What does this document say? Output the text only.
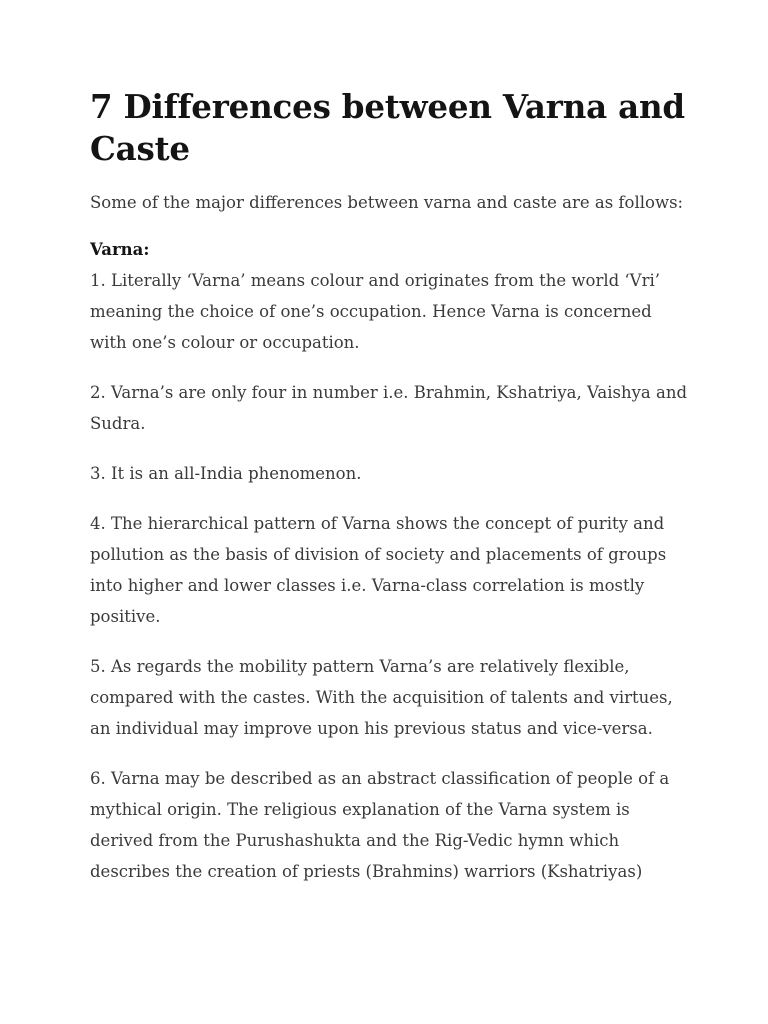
7 Differences between Varna and Caste

Some of the major differences between varna and caste are as follows:

Varna:

1. Literally ‘Varna’ means colour and originates from the world ‘Vri’ meaning the choice of one’s occupation. Hence Varna is concerned with one’s colour or occupation.

2. Varna’s are only four in number i.e. Brahmin, Kshatriya, Vaishya and Sudra.

3. It is an all-India phenomenon.

4. The hierarchical pattern of Varna shows the concept of purity and pollution as the basis of division of society and placements of groups into higher and lower classes i.e. Varna-class correlation is mostly positive.

5. As regards the mobility pattern Varna’s are relatively flexible, compared with the castes. With the acquisition of talents and virtues, an individual may improve upon his previous status and vice-versa.

6. Varna may be described as an abstract classification of people of a mythical origin. The religious explanation of the Varna system is derived from the Purushashukta and the Rig-Vedic hymn which describes the creation of priests (Brahmins) warriors (Kshatriyas)
